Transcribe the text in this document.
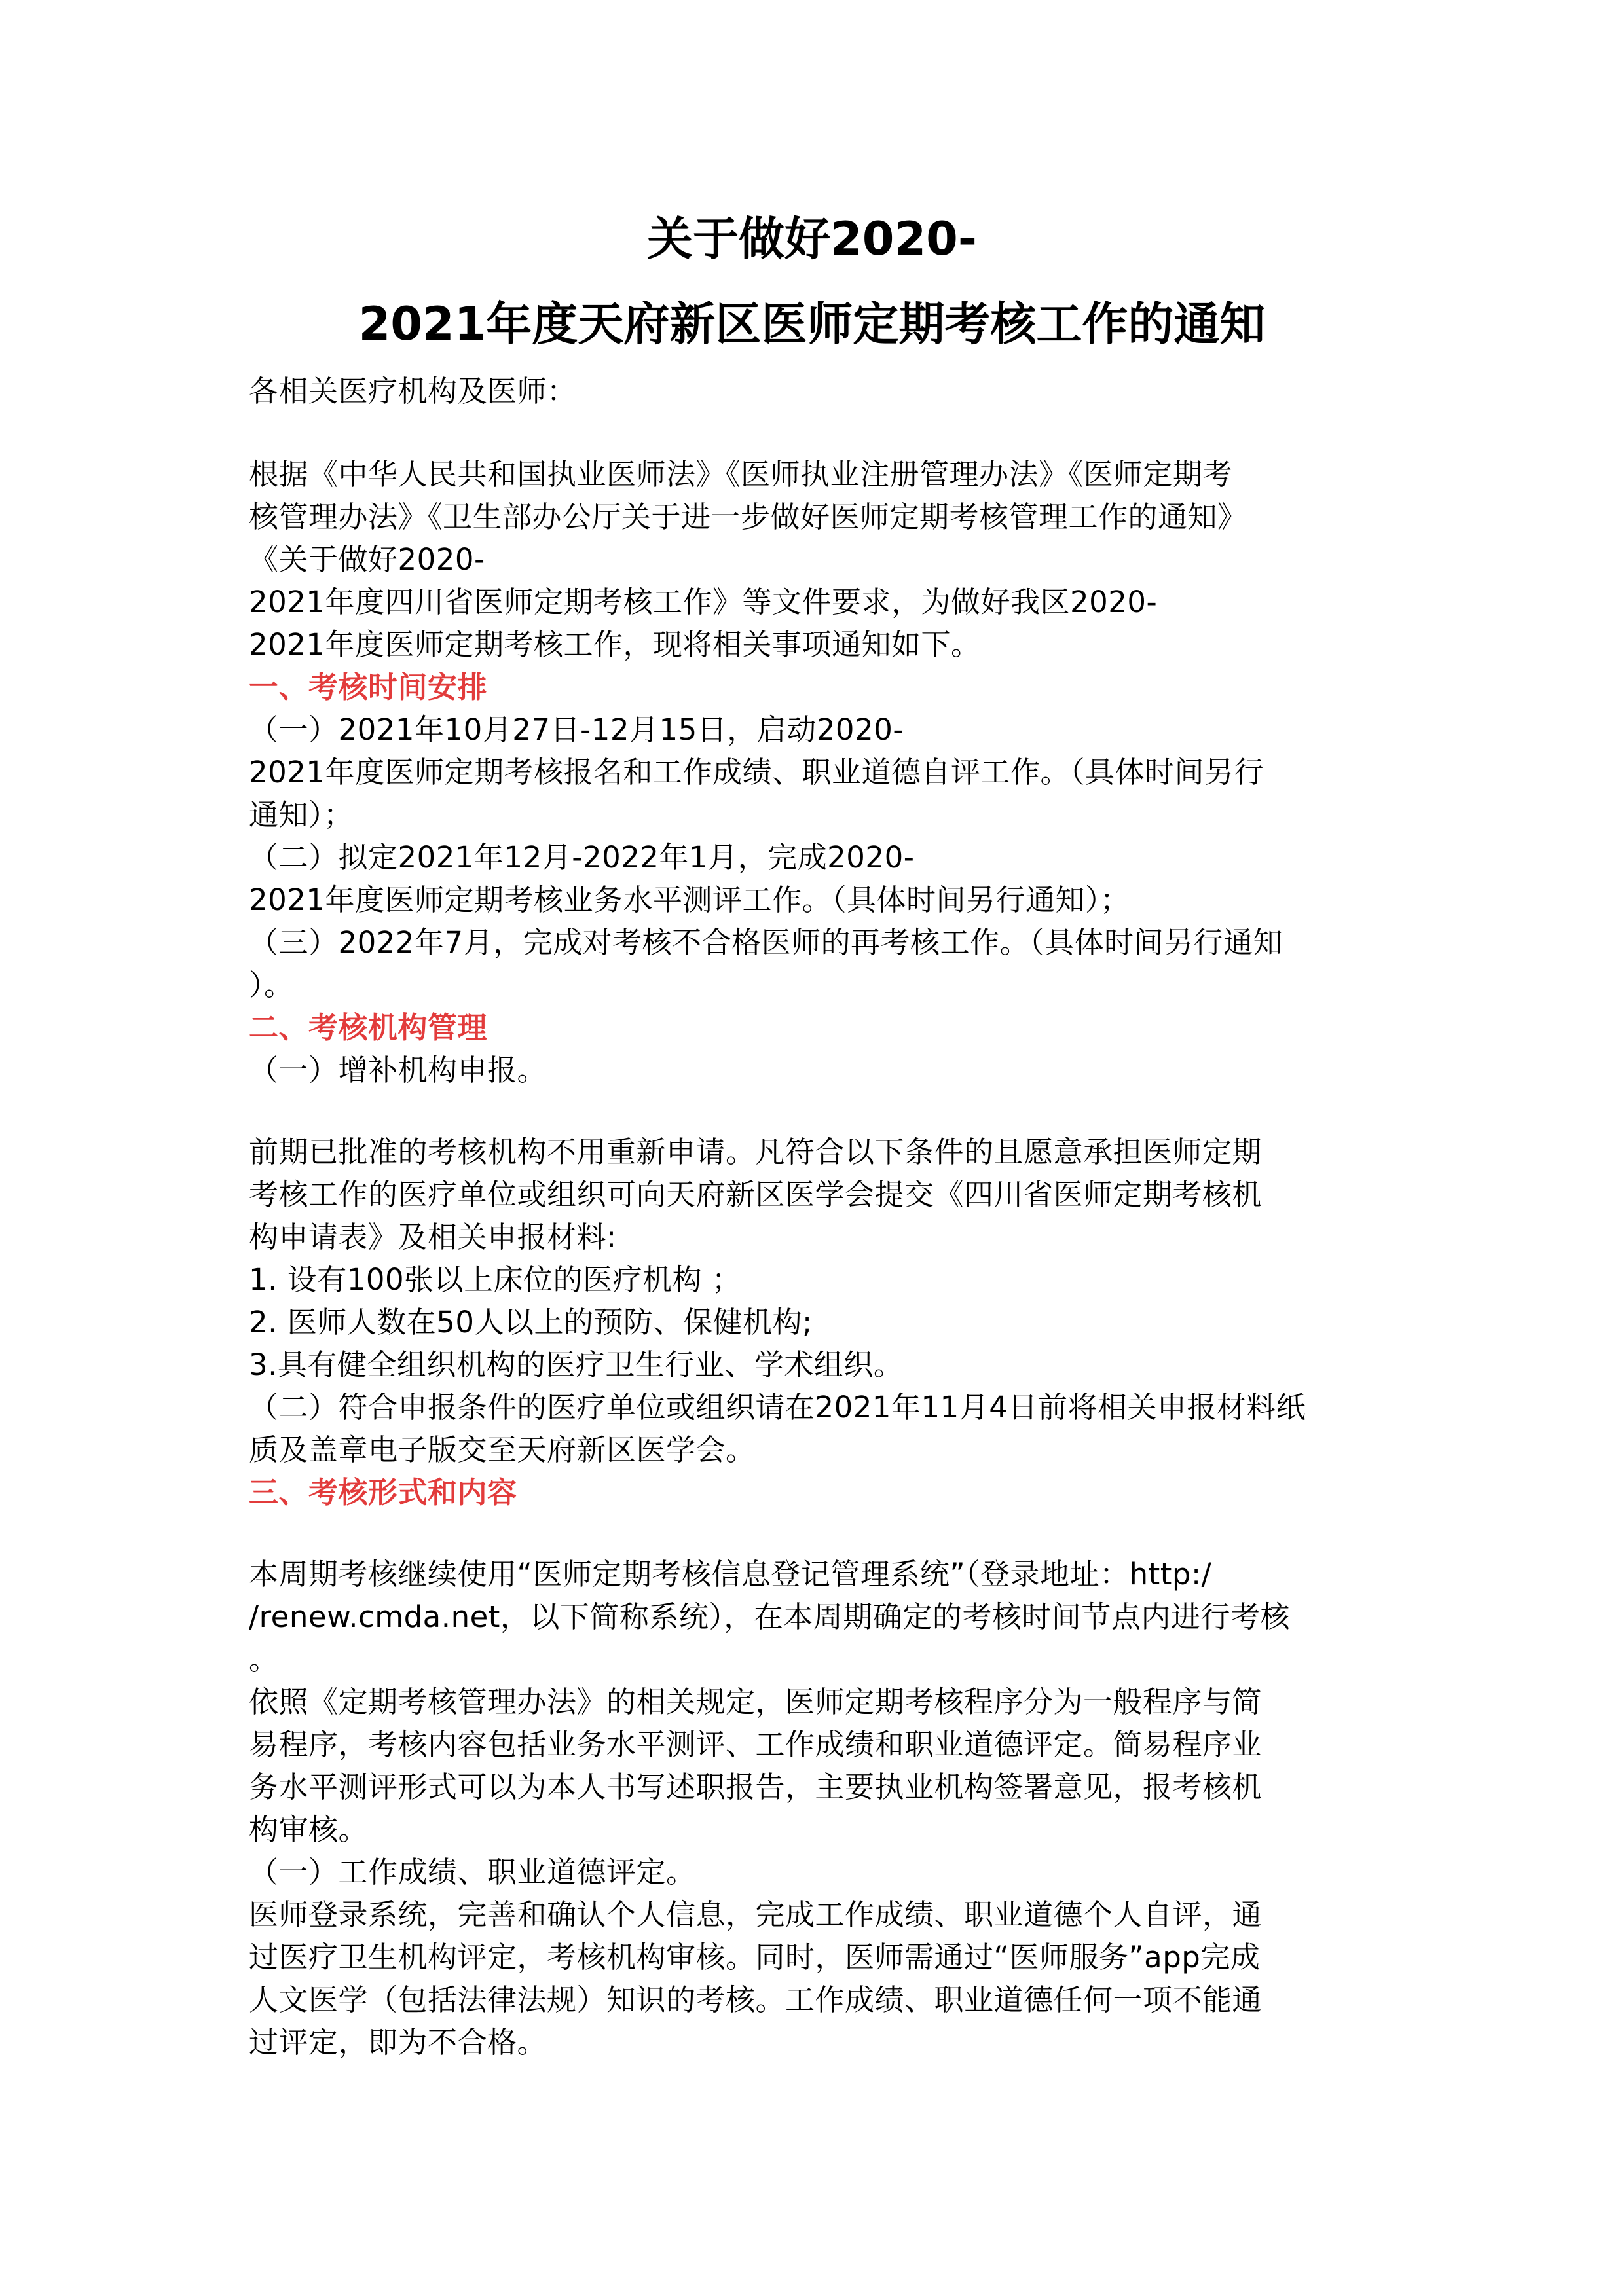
关于做好2020-
2021年度天府新区医师定期考核工作的通知
各相关医疗机构及医师：
根据《中华人民共和国执业医师法》《医师执业注册管理办法》《医师定期考
核管理办法》《卫生部办公厅关于进一步做好医师定期考核管理工作的通知》
《关于做好2020-
2021年度四川省医师定期考核工作》等文件要求，为做好我区2020-
2021年度医师定期考核工作，现将相关事项通知如下。
一、考核时间安排
（一）2021年10月27日-12月15日，启动2020-
2021年度医师定期考核报名和工作成绩、职业道德自评工作。（具体时间另行
通知）；
（二）拟定2021年12月-2022年1月，完成2020-
2021年度医师定期考核业务水平测评工作。（具体时间另行通知）；
（三）2022年7月，完成对考核不合格医师的再考核工作。（具体时间另行通知
）。
二、考核机构管理
（一）增补机构申报。
前期已批准的考核机构不用重新申请。凡符合以下条件的且愿意承担医师定期
考核工作的医疗单位或组织可向天府新区医学会提交《四川省医师定期考核机
构申请表》及相关申报材料:
1. 设有100张以上床位的医疗机构 ；
2. 医师人数在50人以上的预防、保健机构;
3.具有健全组织机构的医疗卫生行业、学术组织。
（二）符合申报条件的医疗单位或组织请在2021年11月4日前将相关申报材料纸
质及盖章电子版交至天府新区医学会。
三、考核形式和内容
本周期考核继续使用“医师定期考核信息登记管理系统”（登录地址：http:/
/renew.cmda.net，以下简称系统），在本周期确定的考核时间节点内进行考核
。
依照《定期考核管理办法》的相关规定，医师定期考核程序分为一般程序与简
易程序，考核内容包括业务水平测评、工作成绩和职业道德评定。简易程序业
务水平测评形式可以为本人书写述职报告，主要执业机构签署意见，报考核机
构审核。
（一）工作成绩、职业道德评定。
医师登录系统，完善和确认个人信息，完成工作成绩、职业道德个人自评，通
过医疗卫生机构评定，考核机构审核。同时，医师需通过“医师服务”app完成
人文医学（包括法律法规）知识的考核。工作成绩、职业道德任何一项不能通
过评定，即为不合格。
